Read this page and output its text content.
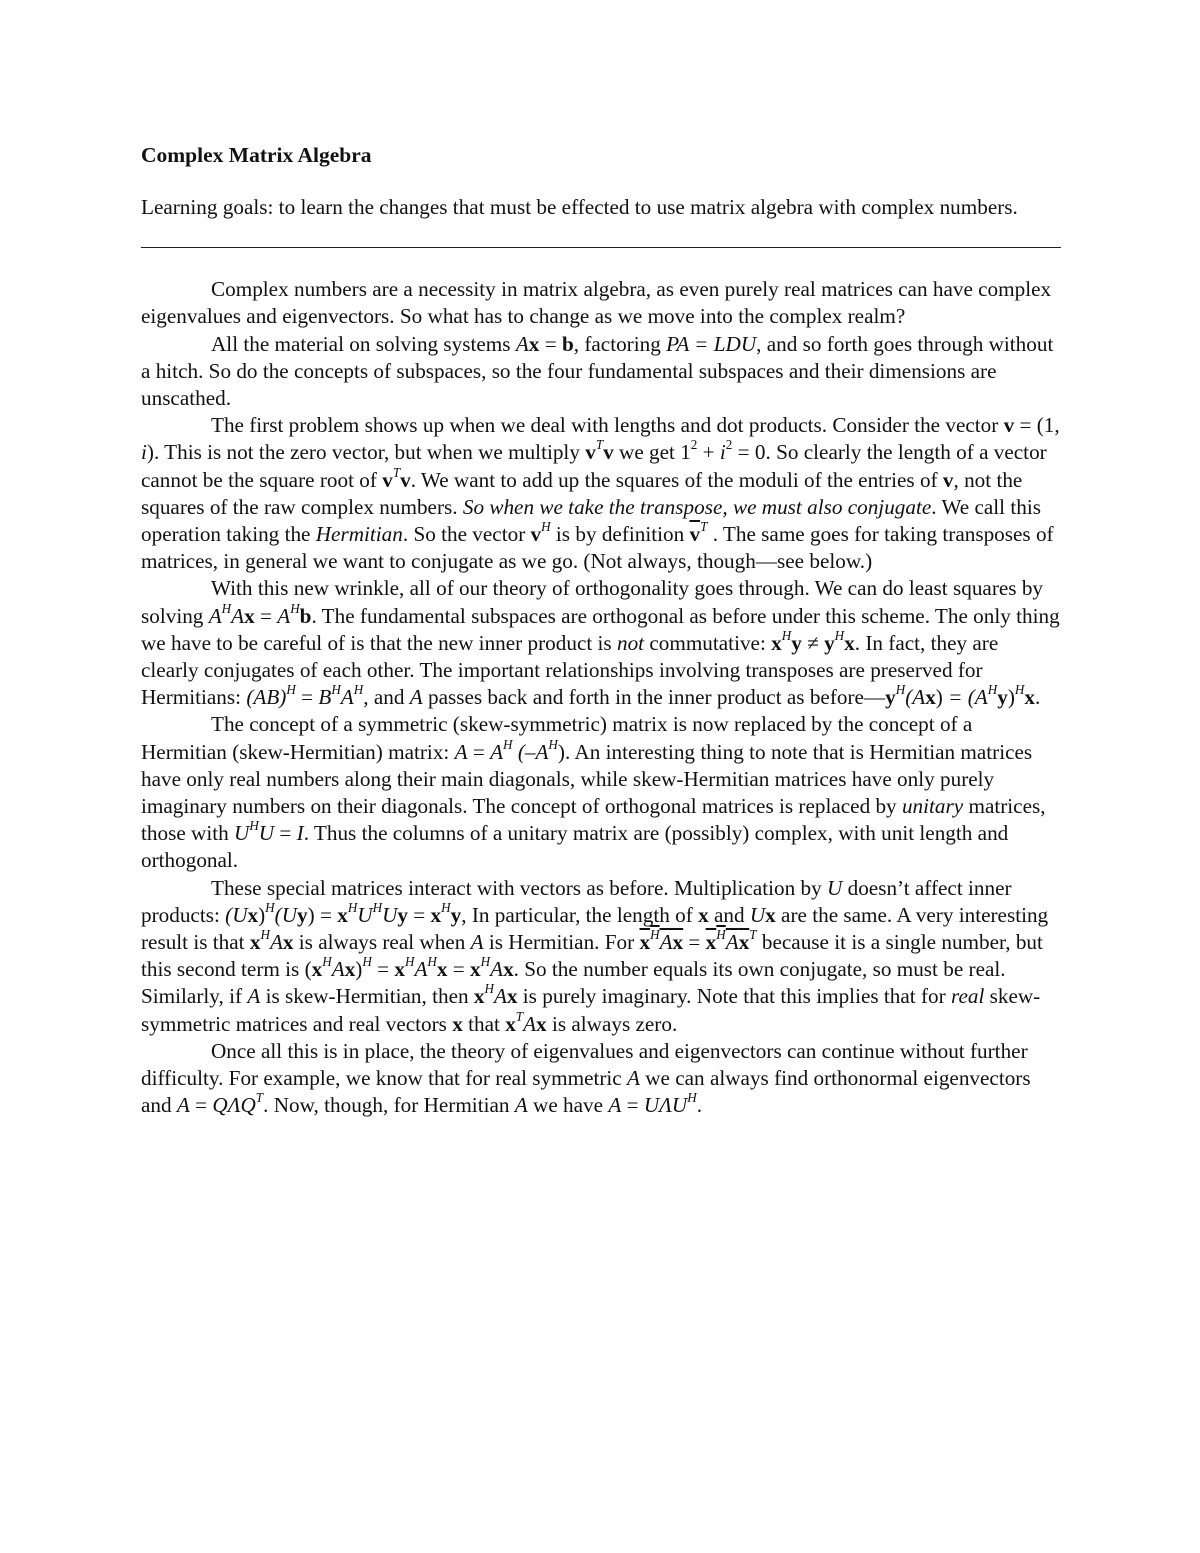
Complex Matrix Algebra

Learning goals: to learn the changes that must be effected to use matrix algebra with complex numbers.

Complex numbers are a necessity in matrix algebra, as even purely real matrices can have complex eigenvalues and eigenvectors. So what has to change as we move into the complex realm?

All the material on solving systems Ax = b, factoring PA = LDU, and so forth goes through without a hitch. So do the concepts of subspaces, so the four fundamental subspaces and their dimensions are unscathed.

The first problem shows up when we deal with lengths and dot products. Consider the vector v = (1, i). This is not the zero vector, but when we multiply $v^Tv$ we get $1^2 + i^2 = 0$. So clearly the length of a vector cannot be the square root of $v^Tv$. We want to add up the squares of the moduli of the entries of v, not the squares of the raw complex numbers. So when we take the transpose, we must also conjugate. We call this operation taking the Hermitian. So the vector $v^H$ is by definition $\overline{v}^T$ . The same goes for taking transposes of matrices, in general we want to conjugate as we go. (Not always, though—see below.)

With this new wrinkle, all of our theory of orthogonality goes through. We can do least squares by solving $A^HAx = A^Hb$. The fundamental subspaces are orthogonal as before under this scheme. The only thing we have to be careful of is that the new inner product is not commutative: $x^Hy \ne y^Hx$. In fact, they are clearly conjugates of each other. The important relationships involving transposes are preserved for Hermitians: $(AB)^H = B^HA^H$, and A passes back and forth in the inner product as $before—y^H(Ax) = (A^Hy)^Hx$.

The concept of a symmetric (skew-symmetric) matrix is now replaced by the concept of a Hermitian (skew-Hermitian) matrix: $A = A^H$ $(-A^H)$. An interesting thing to note that is Hermitian matrices have only real numbers along their main diagonals, while skew-Hermitian matrices have only purely imaginary numbers on their diagonals. The concept of orthogonal matrices is replaced by unitary matrices, those with $U^HU = I$. Thus the columns of a unitary matrix are (possibly) complex, with unit length and orthogonal.

These special matrices interact with vectors as before. Multiplication by U doesn’t affect inner products: $(Ux)^H(Uy) = x^HU^HUy = x^Hy$, In particular, the length of x and Ux are the same. A very interesting result is that $x^HAx$ is always real when A is Hermitian. For $x^HAx = x^HAx^T$ because it is a single number, but this second term is $(x^HAx)^H = x^HA^Hx = x^HAx$. So the number equals its own conjugate, so must be real. Similarly, if A is skew-Hermitian, then $x^HAx$ is purely imaginary. Note that this implies that for real skew-symmetric matrices and real vectors x that $x^TAx$ is always zero.

Once all this is in place, the theory of eigenvalues and eigenvectors can continue without further difficulty. For example, we know that for real symmetric A we can always find orthonormal eigenvectors and $A = Q\Lambda Q^T$. Now, though, for Hermitian A we have $A = U\Lambda U^H$.
